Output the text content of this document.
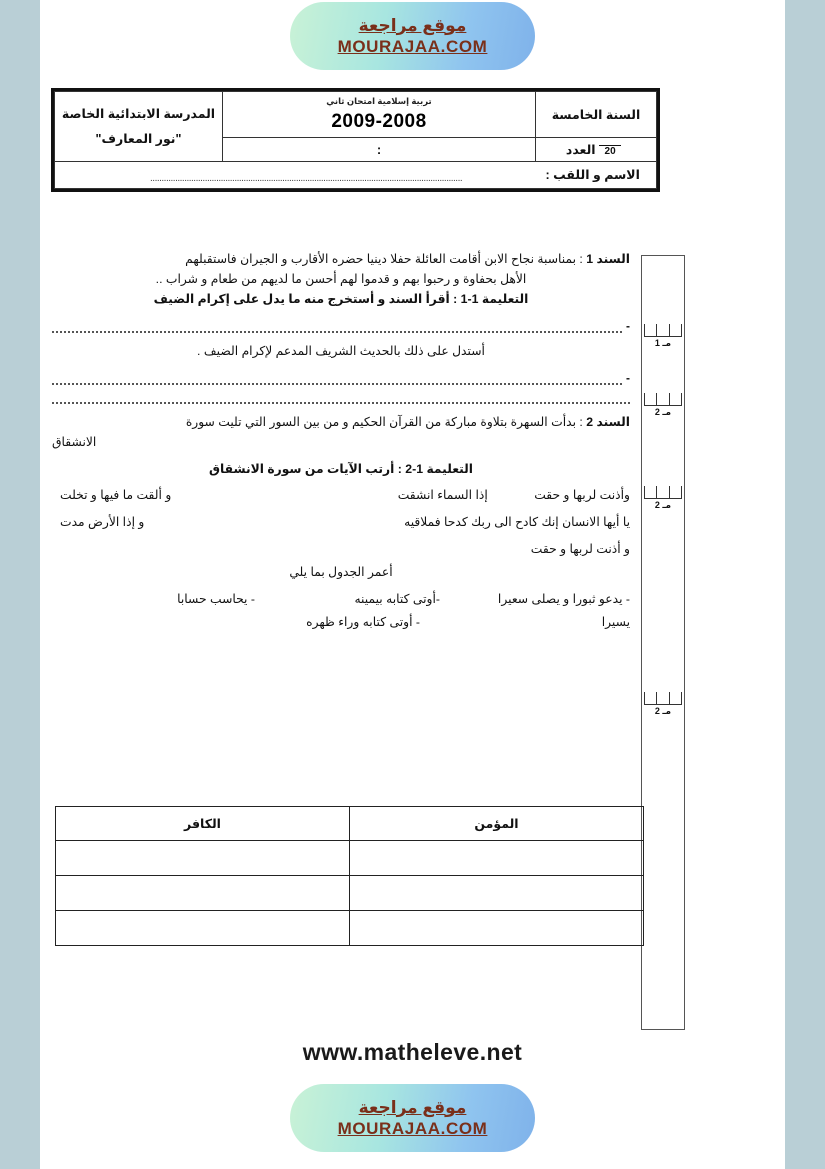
موقع مراجعة
MOURAJAA.COM
السنة الخامسة	
تربية إسلامية امتحان ثاني
2009-2008

المدرسة الابتدائية الخاصة
"نور المعارف"

20
العدد	:	
الاسم و اللقب : .........................................................................................................................................		
مـ 1
مـ 2
مـ 2
مـ 2
السند 1 : بمناسبة نجاح الابن أقامت العائلة حفلا دينيا حضره الأقارب و الجيران فاستقبلهم
الأهل بحفاوة و رحبوا بهم و قدموا لهم أحسن ما لديهم من طعام و شراب ..
التعليمة 1-1 : أقرأ السند و أستخرج منه ما يدل على إكرام الضيف
-
أستدل على ذلك بالحديث الشريف المدعم لإكرام الضيف .
-
السند 2 : بدأت السهرة بتلاوة مباركة من القرآن الحكيم و من بين السور التي تليت سورة
الانشقاق
التعليمة 2-1 : أرتب الآيات من سورة الانشقاق
وأذنت لربها و حقت إذا السماء انشقت
و ألقت ما فيها و تخلت
يا أيها الانسان إنك كادح الى ربك كدحا فملاقيه
و إذا الأرض مدت
و أذنت لربها و حقت
أعمر الجدول بما يلي
- يدعو ثبورا و يصلى سعيرا
-أوتى كتابه بيمينه
- يحاسب حسابا
يسيرا
- أوتى كتابه وراء ظهره
المؤمن	الكافر

www.matheleve.net
موقع مراجعة
MOURAJAA.COM
